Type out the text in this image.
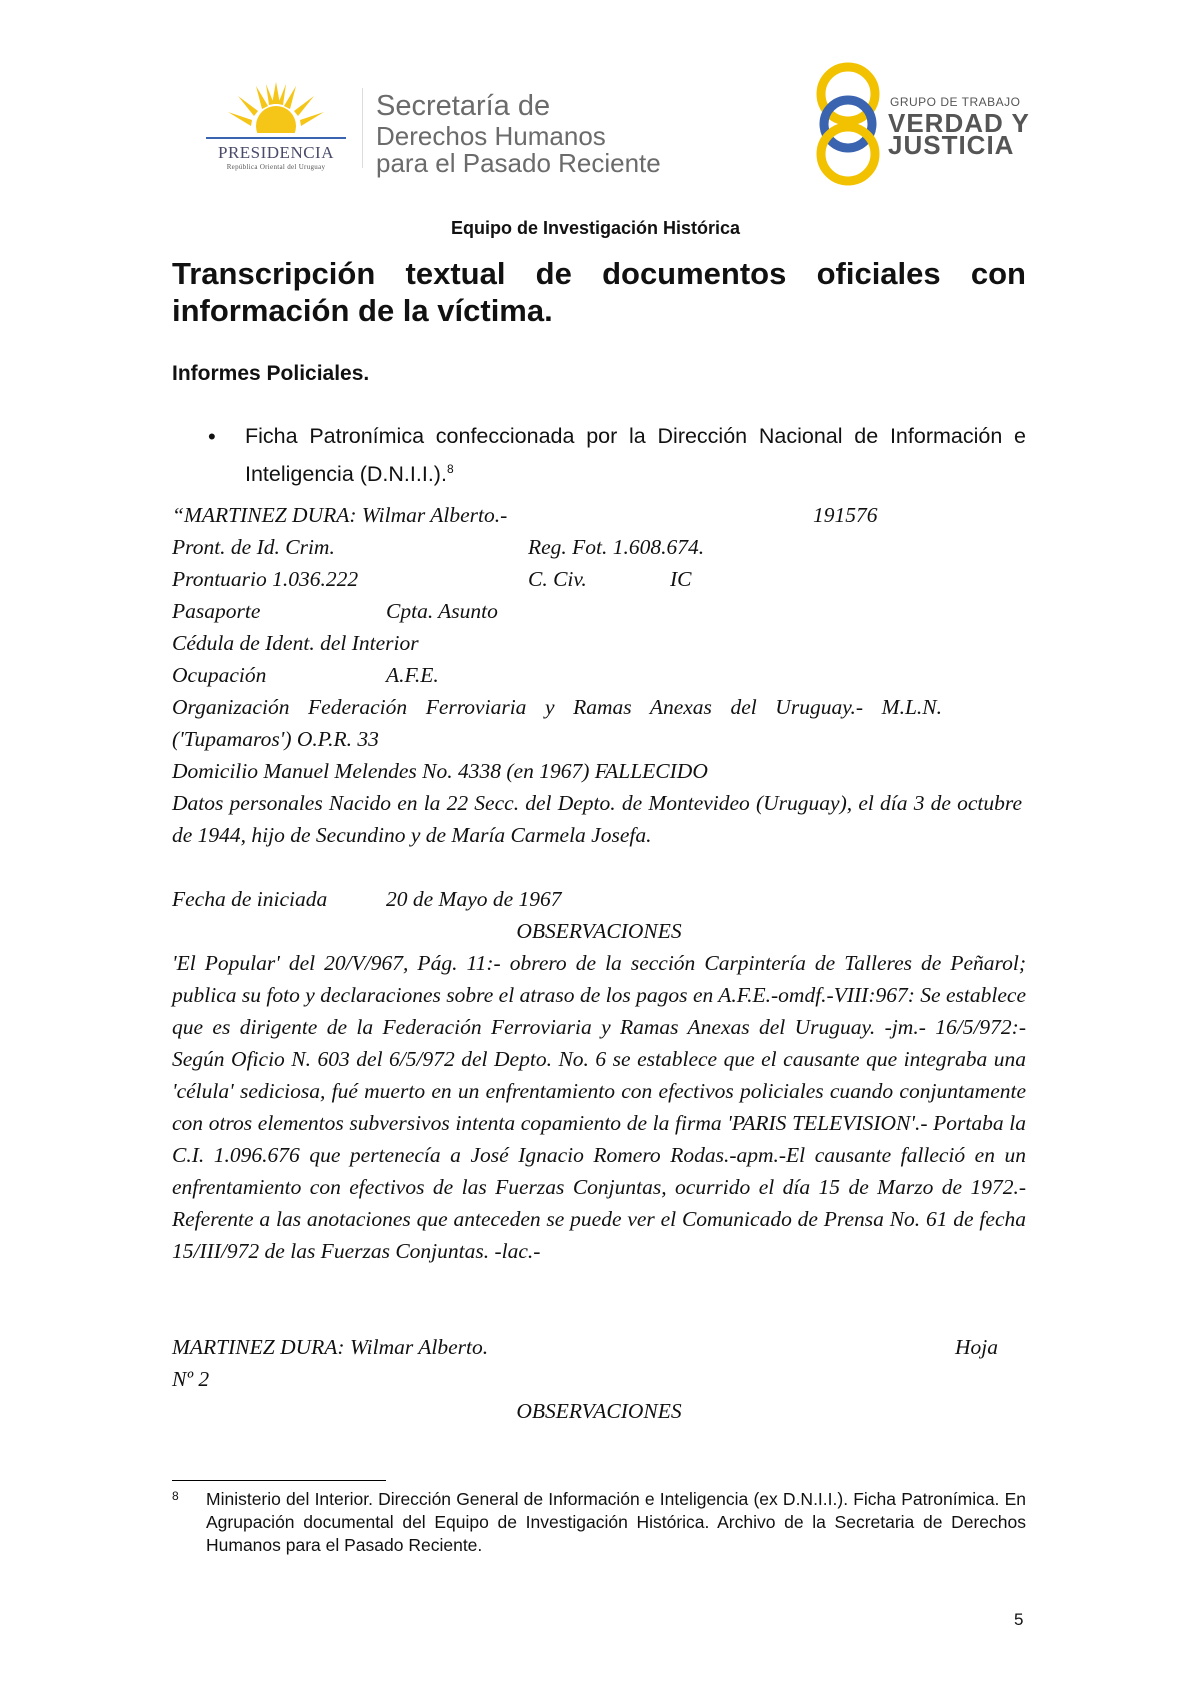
PRESIDENCIA
República Oriental del Uruguay
Secretaría de
Derechos Humanos
para el Pasado Reciente
GRUPO DE TRABAJO
VERDAD Y
JUSTICIA
Equipo de Investigación Histórica
Transcripción textual de documentos oficiales con información de la víctima.
Informes Policiales.
• Ficha Patronímica confeccionada por la Dirección Nacional de Información e Inteligencia (D.N.I.I.).$^8$
“MARTINEZ DURA: Wilmar Alberto.-	191576
Pront. de Id. Crim.	Reg. Fot. 1.608.674.
Prontuario 1.036.222	C. Civ.	IC
Pasaporte	Cpta. Asunto
Cédula de Ident. del Interior
Ocupación	A.F.E.
Organización Federación Ferroviaria y Ramas Anexas del Uruguay.- M.L.N. ('Tupamaros') O.P.R. 33
Domicilio Manuel Melendes No. 4338 (en 1967) FALLECIDO
Datos personales Nacido en la 22 Secc. del Depto. de Montevideo (Uruguay), el día 3 de octubre de 1944, hijo de Secundino y de María Carmela Josefa.
Fecha de iniciada	20 de Mayo de 1967
OBSERVACIONES
'El Popular' del 20/V/967, Pág. 11:- obrero de la sección Carpintería de Talleres de Peñarol; publica su foto y declaraciones sobre el atraso de los pagos en A.F.E.-omdf.-VIII:967: Se establece que es dirigente de la Federación Ferroviaria y Ramas Anexas del Uruguay. -jm.- 16/5/972:- Según Oficio N. 603 del 6/5/972 del Depto. No. 6 se establece que el causante que integraba una 'célula' sediciosa, fué muerto en un enfrentamiento con efectivos policiales cuando conjuntamente con otros elementos subversivos intenta copamiento de la firma 'PARIS TELEVISION'.- Portaba la C.I. 1.096.676 que pertenecía a José Ignacio Romero Rodas.-apm.-El causante falleció en un enfrentamiento con efectivos de las Fuerzas Conjuntas, ocurrido el día 15 de Marzo de 1972.- Referente a las anotaciones que anteceden se puede ver el Comunicado de Prensa No. 61 de fecha 15/III/972 de las Fuerzas Conjuntas. -lac.-
MARTINEZ DURA: Wilmar Alberto.	Hoja
Nº 2
OBSERVACIONES
8 Ministerio del Interior. Dirección General de Información e Inteligencia (ex D.N.I.I.). Ficha Patronímica. En Agrupación documental del Equipo de Investigación Histórica. Archivo de la Secretaria de Derechos Humanos para el Pasado Reciente.
5
